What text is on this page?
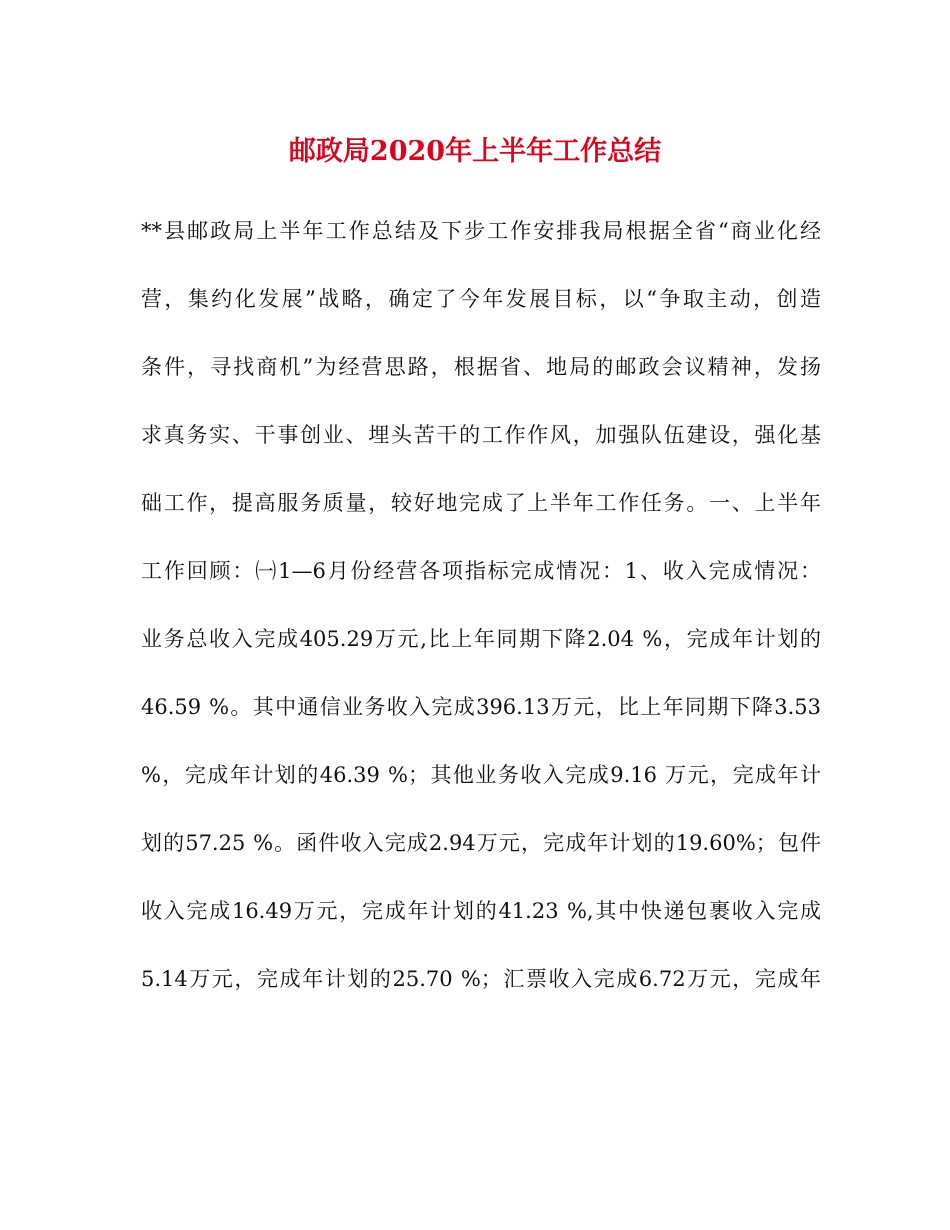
邮政局2020年上半年工作总结
**县邮政局上半年工作总结及下步工作安排我局根据全省“商业化经
营，集约化发展”战略，确定了今年发展目标，以“争取主动，创造
条件，寻找商机”为经营思路，根据省、地局的邮政会议精神，发扬
求真务实、干事创业、埋头苦干的工作作风，加强队伍建设，强化基
础工作，提高服务质量，较好地完成了上半年工作任务。一、上半年
工作回顾：㈠1—6月份经营各项指标完成情况：1、收入完成情况：
业务总收入完成405.29万元,比上年同期下降2.04 %，完成年计划的
46.59 %。其中通信业务收入完成396.13万元，比上年同期下降3.53
%，完成年计划的46.39 %；其他业务收入完成9.16 万元，完成年计
划的57.25 %。函件收入完成2.94万元，完成年计划的19.60%；包件
收入完成16.49万元，完成年计划的41.23 %,其中快递包裹收入完成
5.14万元，完成年计划的25.70 %；汇票收入完成6.72万元，完成年
